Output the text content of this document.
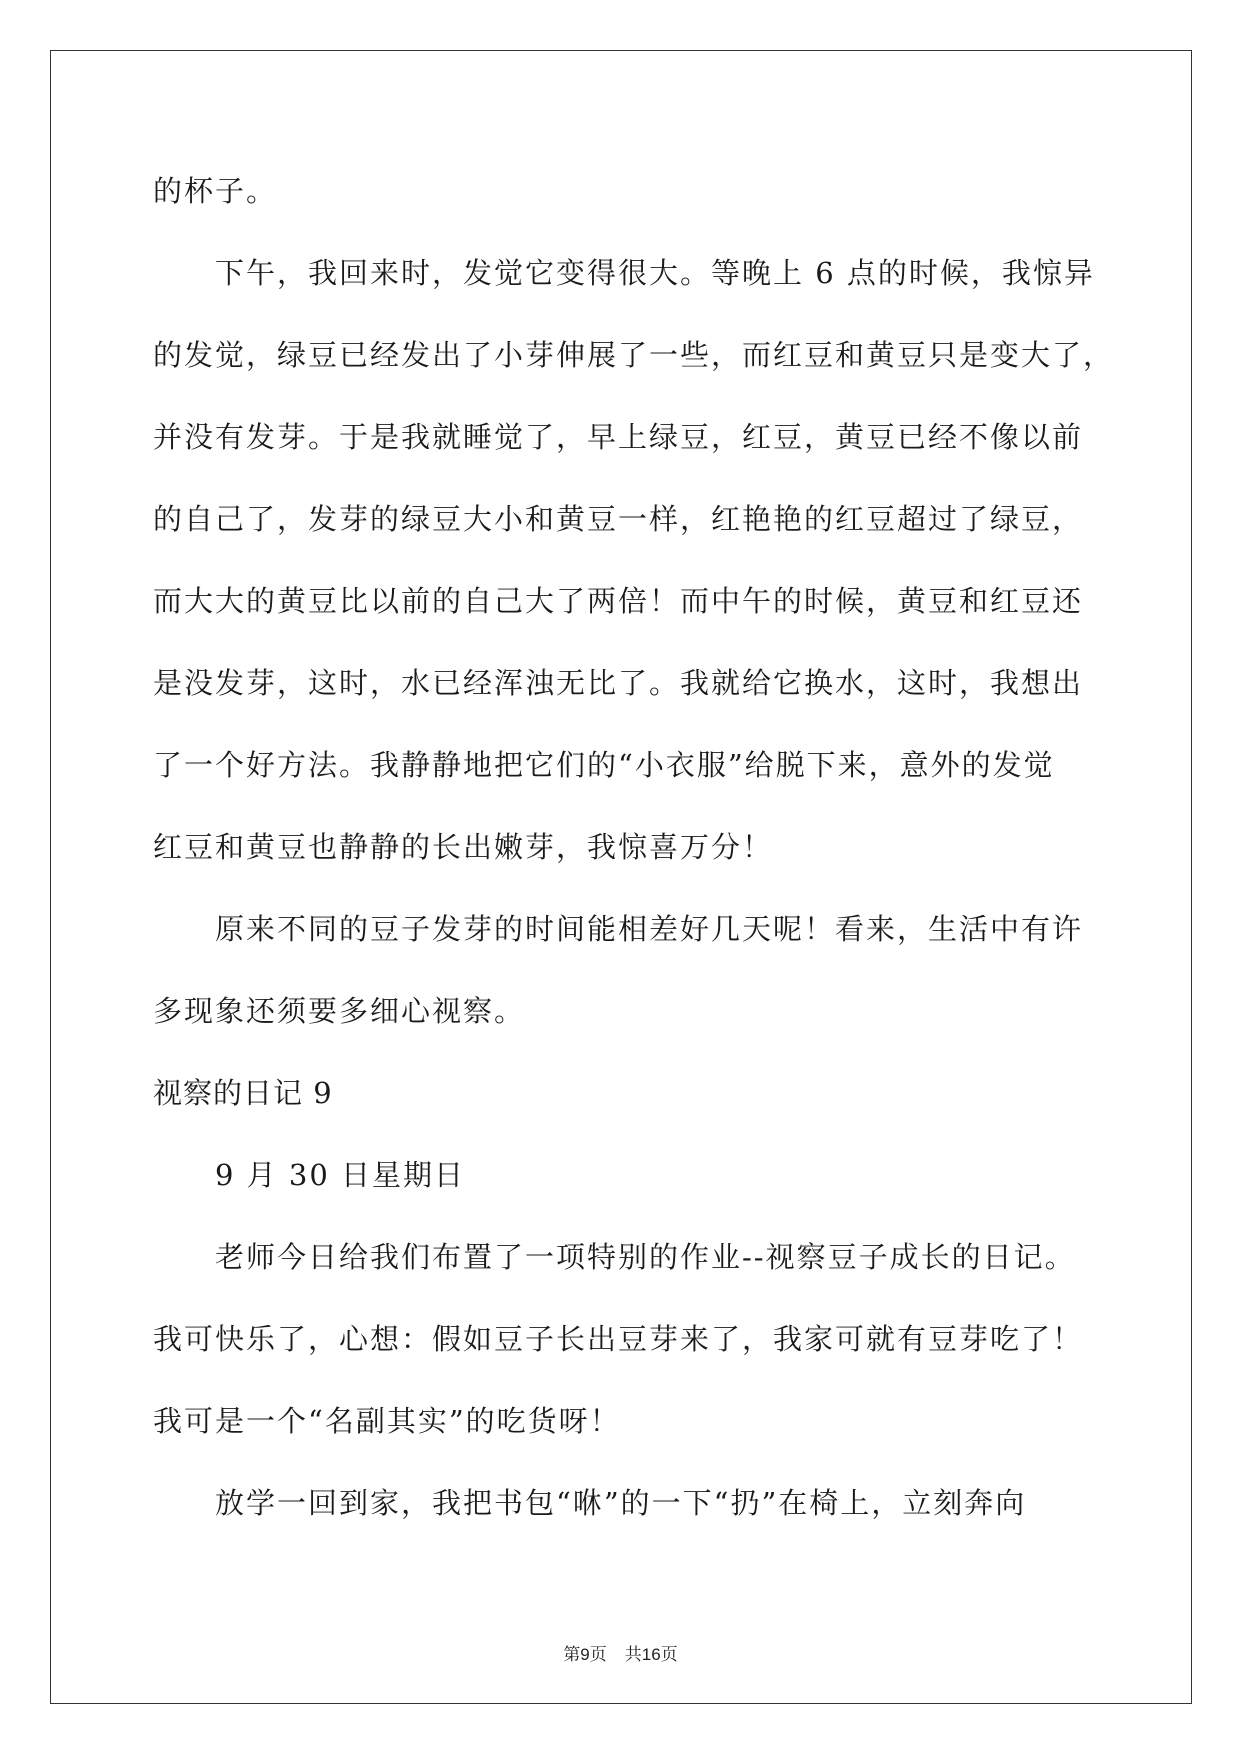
的杯子。

下午，我回来时，发觉它变得很大。等晚上 6 点的时候，我惊异

的发觉，绿豆已经发出了小芽伸展了一些，而红豆和黄豆只是变大了，

并没有发芽。于是我就睡觉了，早上绿豆，红豆，黄豆已经不像以前

的自己了，发芽的绿豆大小和黄豆一样，红艳艳的红豆超过了绿豆，

而大大的黄豆比以前的自己大了两倍！而中午的时候，黄豆和红豆还

是没发芽，这时，水已经浑浊无比了。我就给它换水，这时，我想出

了一个好方法。我静静地把它们的“小衣服”给脱下来，意外的发觉

红豆和黄豆也静静的长出嫩芽，我惊喜万分！

原来不同的豆子发芽的时间能相差好几天呢！看来，生活中有许

多现象还须要多细心视察。

视察的日记 9

9 月 30 日星期日

老师今日给我们布置了一项特别的作业--视察豆子成长的日记。

我可快乐了，心想：假如豆子长出豆芽来了，我家可就有豆芽吃了！

我可是一个“名副其实”的吃货呀！

放学一回到家，我把书包“咻”的一下“扔”在椅上，立刻奔向

第9页 共16页
